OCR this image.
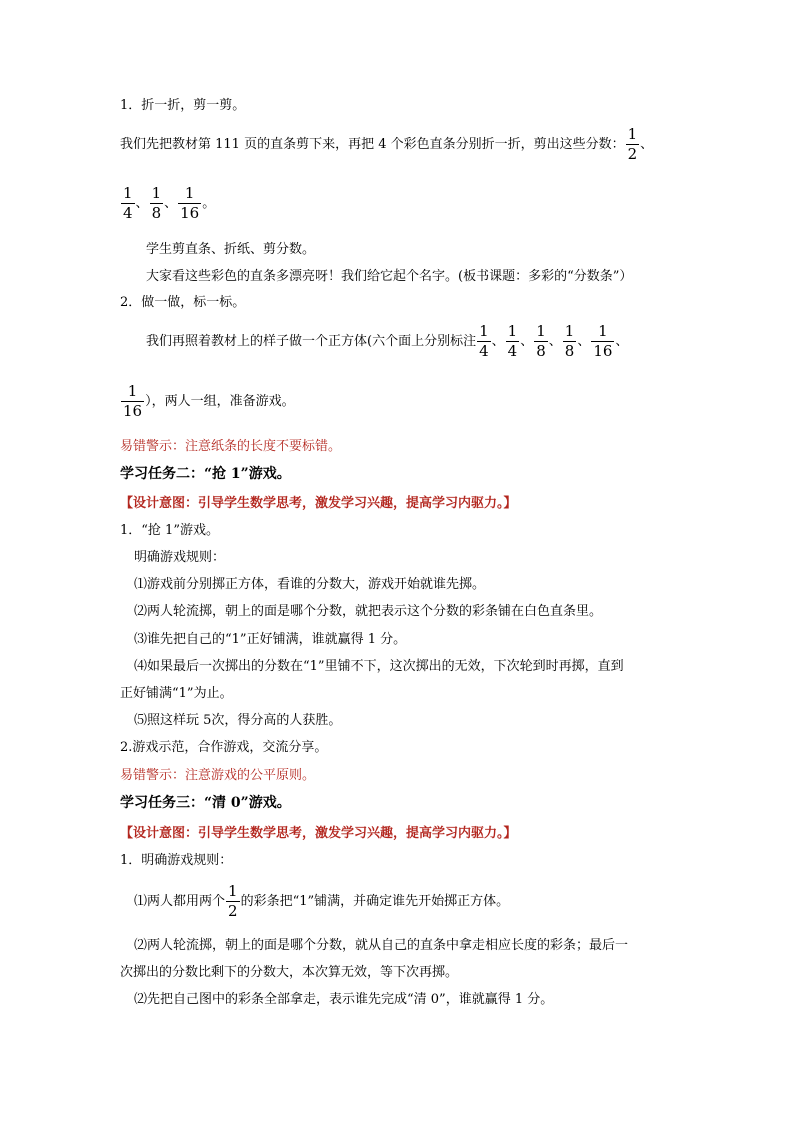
1．折一折，剪一剪。
我们先把教材第 111 页的直条剪下来，再把 4 个彩色直条分别折一折，剪出这些分数： $\frac{1}{2}$ 、
$\frac{1}{4}$ 、 $\frac{1}{8}$ 、 $\frac{1}{16}$ 。
学生剪直条、折纸、剪分数。
大家看这些彩色的直条多漂亮呀！我们给它起个名字。(板书课题：多彩的“分数条”）
2．做一做，标一标。
我们再照着教材上的样子做一个正方体(六个面上分别标注 $\frac{1}{4}$ 、 $\frac{1}{4}$ 、 $\frac{1}{8}$ 、 $\frac{1}{8}$ 、 $\frac{1}{16}$ 、
$\frac{1}{16}$ ），两人一组，准备游戏。
易错警示：注意纸条的长度不要标错。
学习任务二：“抢 1”游戏。
【设计意图：引导学生数学思考，激发学习兴趣，提高学习内驱力。】
1．“抢 1”游戏。
明确游戏规则：
⑴游戏前分别掷正方体，看谁的分数大，游戏开始就谁先掷。
⑵两人轮流掷，朝上的面是哪个分数，就把表示这个分数的彩条铺在白色直条里。
⑶谁先把自己的“1”正好铺满，谁就赢得 1 分。
⑷如果最后一次掷出的分数在“1”里铺不下，这次掷出的无效，下次轮到时再掷，直到
正好铺满“1”为止。
⑸照这样玩 5次，得分高的人获胜。
2.游戏示范，合作游戏，交流分享。
易错警示：注意游戏的公平原则。
学习任务三：“清 0”游戏。
【设计意图：引导学生数学思考，激发学习兴趣，提高学习内驱力。】
1．明确游戏规则：
⑴两人都用两个 $\frac{1}{2}$ 的彩条把“1”铺满，并确定谁先开始掷正方体。
⑵两人轮流掷，朝上的面是哪个分数，就从自己的直条中拿走相应长度的彩条；最后一
次掷出的分数比剩下的分数大，本次算无效，等下次再掷。
⑵先把自己图中的彩条全部拿走，表示谁先完成“清 0”，谁就赢得 1 分。
